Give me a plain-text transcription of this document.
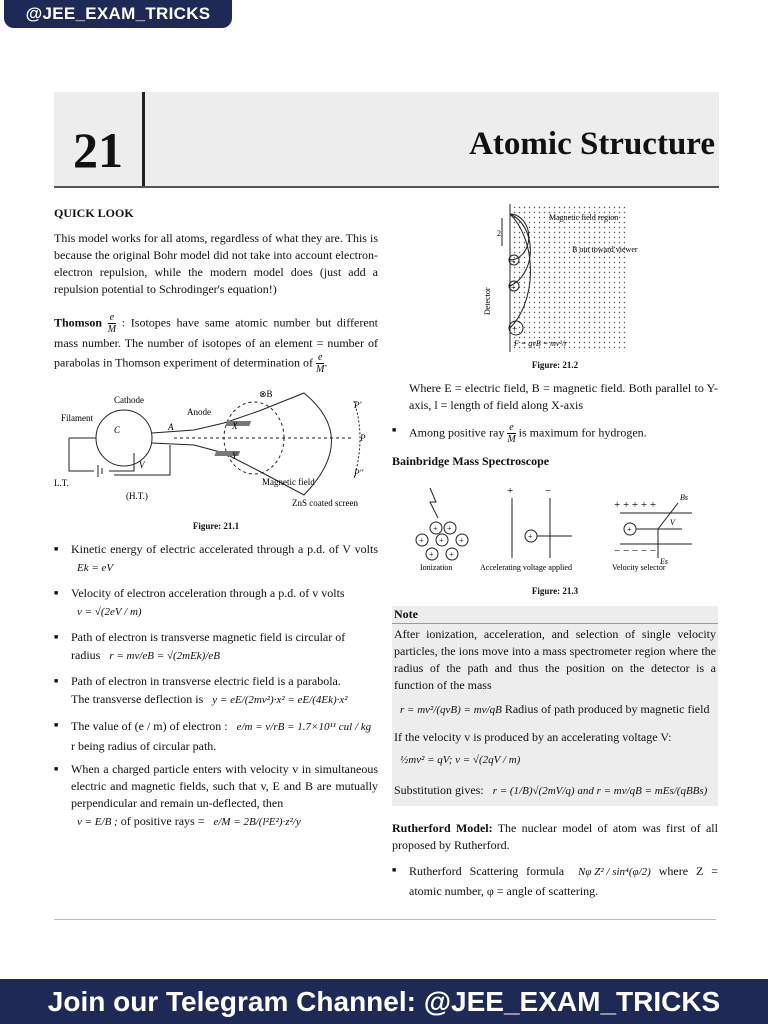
@JEE_EXAM_TRICKS
21	Atomic Structure
QUICK LOOK

This model works for all atoms, regardless of what they are. This is because the original Bohr model did not take into account electron-electron repulsion, while the modern model does (just add a repulsion potential to Schrodinger's equation!)

Thomson $\frac{e}{M}$ : Isotopes have same atomic number but different mass number. The number of isotopes of an element = number of parabolas in Thomson experiment of determination of $\frac{e}{M}$ .

Cathode
Filament
Anode
C	A	X
Y
⊗B
P'
P
P''
V
L.T.
(H.T.)
Magnetic field
ZnS coated screen
Figure: 21.1
■ Kinetic energy of electric accelerated through a p.d. of V volts Ek = eV
■ Velocity of electron acceleration through a p.d. of v volts
v = √(2eV / m)
■ Path of electron is transverse magnetic field is circular of
radius r = mv/eB = √(2mEk)/eB
■ Path of electron in transverse electric field is a parabola.
The transverse deflection is y = eE/(2mv²)·x² = eE/(4Ek)·x²
■ The value of (e / m) of electron : e/m = v/rB = 1.7×10¹¹ cul / kg
r being radius of circular path.
■ When a charged particle enters with velocity v in simultaneous electric and magnetic fields, such that v, E and B are mutually perpendicular and remain un-deflected, then
v = E/B ; of positive rays = e/M = 2B/(l²E²)·z²/y
+
+
+
2
Magnetic field region
B out toward viewer
Detector
F = qvB = mv²/r
Figure: 21.2

Where E = electric field, B = magnetic field. Both parallel to Y-axis, l = length of field along X-axis

■ Among positive ray $\frac{e}{M}$ is maximum for hydrogen.
Bainbridge Mass Spectroscope
+ +
+ + +
+ +
+	−
+
+ + + + +
− − − − −
+
Bs
Es
V
Ionization	Accelerating voltage applied	Velocity selector
Figure: 21.3
Note

After ionization, acceleration, and selection of single velocity particles, the ions move into a mass spectrometer region where the radius of the path and thus the position on the detector is a function of the mass

r = mv²/(qvB) = mv/qB Radius of path produced by magnetic field
If the velocity v is produced by an accelerating voltage V:
½mv² = qV; v = √(2qV / m)
Substitution gives: r = (1/B)√(2mV/q) and r = mv/qB = mEs/(qBBs)

Rutherford Model: The nuclear model of atom was first of all proposed by Rutherford.

■ Rutherford Scattering formula Nφ Z² / sin⁴(φ/2) where Z = atomic number, φ = angle of scattering.
Join our Telegram Channel: @JEE_EXAM_TRICKS
